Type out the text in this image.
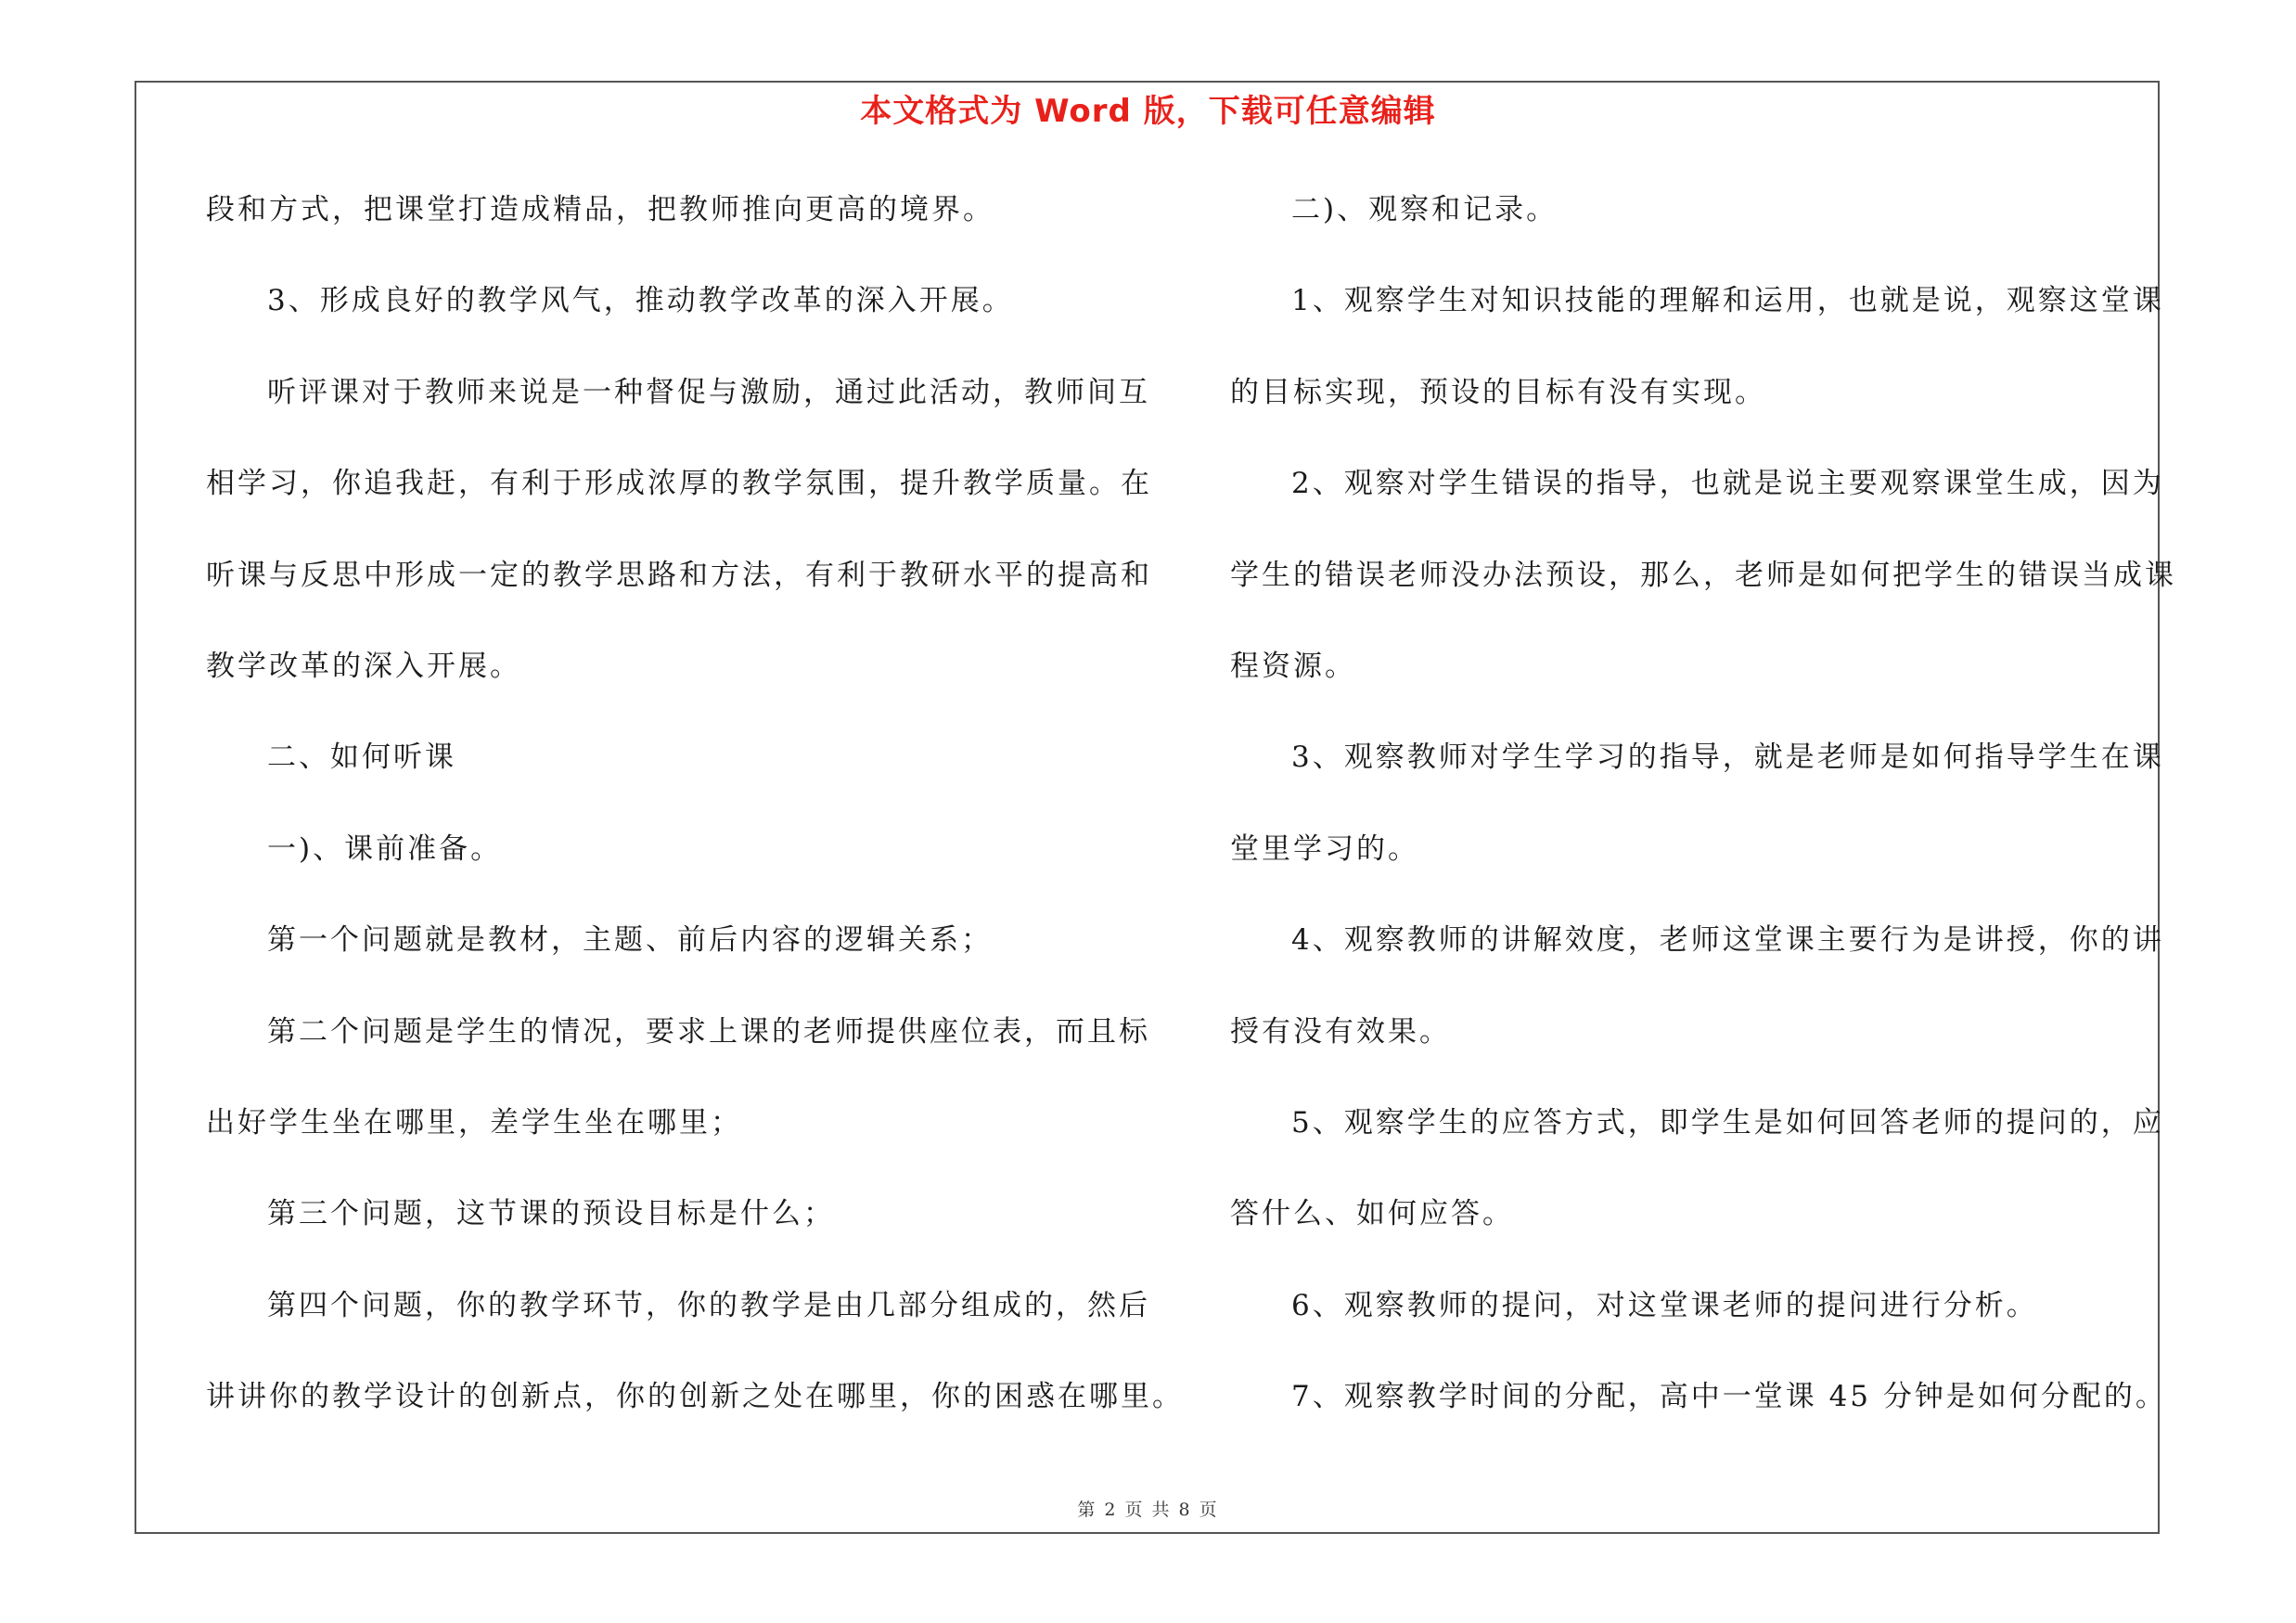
本文格式为 Word 版，下载可任意编辑
段和方式，把课堂打造成精品，把教师推向更高的境界。
3、形成良好的教学风气，推动教学改革的深入开展。
听评课对于教师来说是一种督促与激励，通过此活动，教师间互
相学习，你追我赶，有利于形成浓厚的教学氛围，提升教学质量。在
听课与反思中形成一定的教学思路和方法，有利于教研水平的提高和
教学改革的深入开展。
二、如何听课
一)、课前准备。
第一个问题就是教材，主题、前后内容的逻辑关系；
第二个问题是学生的情况，要求上课的老师提供座位表，而且标
出好学生坐在哪里，差学生坐在哪里；
第三个问题，这节课的预设目标是什么；
第四个问题，你的教学环节，你的教学是由几部分组成的，然后
讲讲你的教学设计的创新点，你的创新之处在哪里，你的困惑在哪里。
二)、观察和记录。
1、观察学生对知识技能的理解和运用，也就是说，观察这堂课
的目标实现，预设的目标有没有实现。
2、观察对学生错误的指导，也就是说主要观察课堂生成，因为
学生的错误老师没办法预设，那么，老师是如何把学生的错误当成课
程资源。
3、观察教师对学生学习的指导，就是老师是如何指导学生在课
堂里学习的。
4、观察教师的讲解效度，老师这堂课主要行为是讲授，你的讲
授有没有效果。
5、观察学生的应答方式，即学生是如何回答老师的提问的，应
答什么、如何应答。
6、观察教师的提问，对这堂课老师的提问进行分析。
7、观察教学时间的分配，高中一堂课 45 分钟是如何分配的。
第 2 页 共 8 页
